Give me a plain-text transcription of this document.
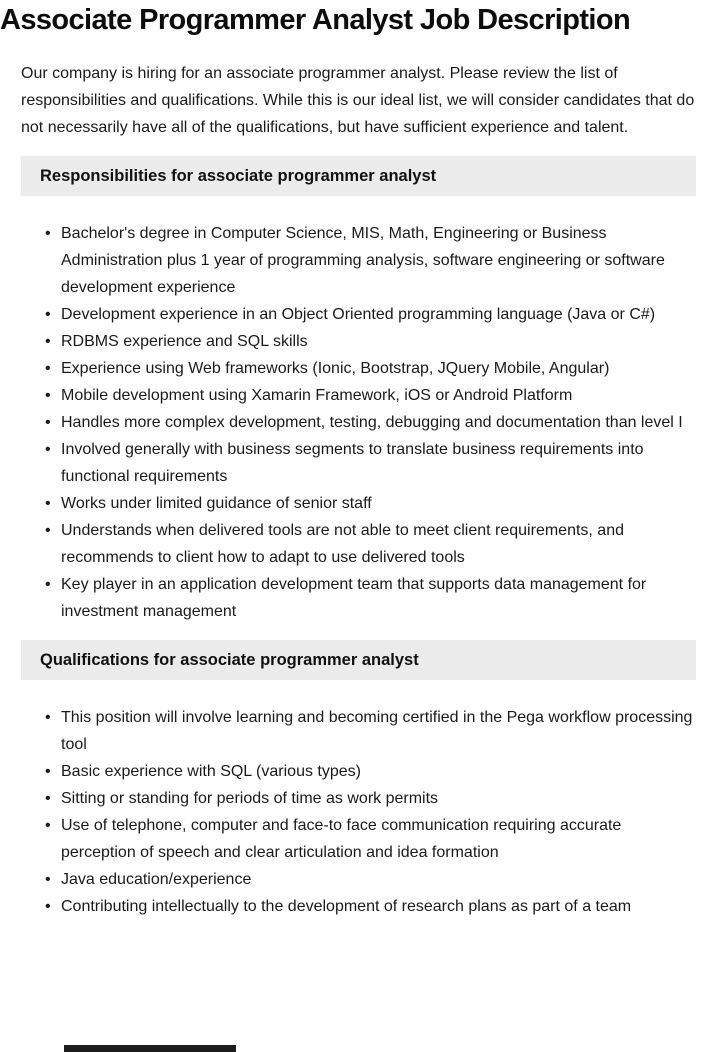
Associate Programmer Analyst Job Description

Our company is hiring for an associate programmer analyst. Please review the list of responsibilities and qualifications. While this is our ideal list, we will consider candidates that do not necessarily have all of the qualifications, but have sufficient experience and talent.

Responsibilities for associate programmer analyst
• Bachelor's degree in Computer Science, MIS, Math, Engineering or Business Administration plus 1 year of programming analysis, software engineering or software development experience
• Development experience in an Object Oriented programming language (Java or C#)
• RDBMS experience and SQL skills
• Experience using Web frameworks (Ionic, Bootstrap, JQuery Mobile, Angular)
• Mobile development using Xamarin Framework, iOS or Android Platform
• Handles more complex development, testing, debugging and documentation than level I
• Involved generally with business segments to translate business requirements into functional requirements
• Works under limited guidance of senior staff
• Understands when delivered tools are not able to meet client requirements, and recommends to client how to adapt to use delivered tools
• Key player in an application development team that supports data management for investment management
Qualifications for associate programmer analyst
• This position will involve learning and becoming certified in the Pega workflow processing tool
• Basic experience with SQL (various types)
• Sitting or standing for periods of time as work permits
• Use of telephone, computer and face-to face communication requiring accurate perception of speech and clear articulation and idea formation
• Java education/experience
• Contributing intellectually to the development of research plans as part of a team
